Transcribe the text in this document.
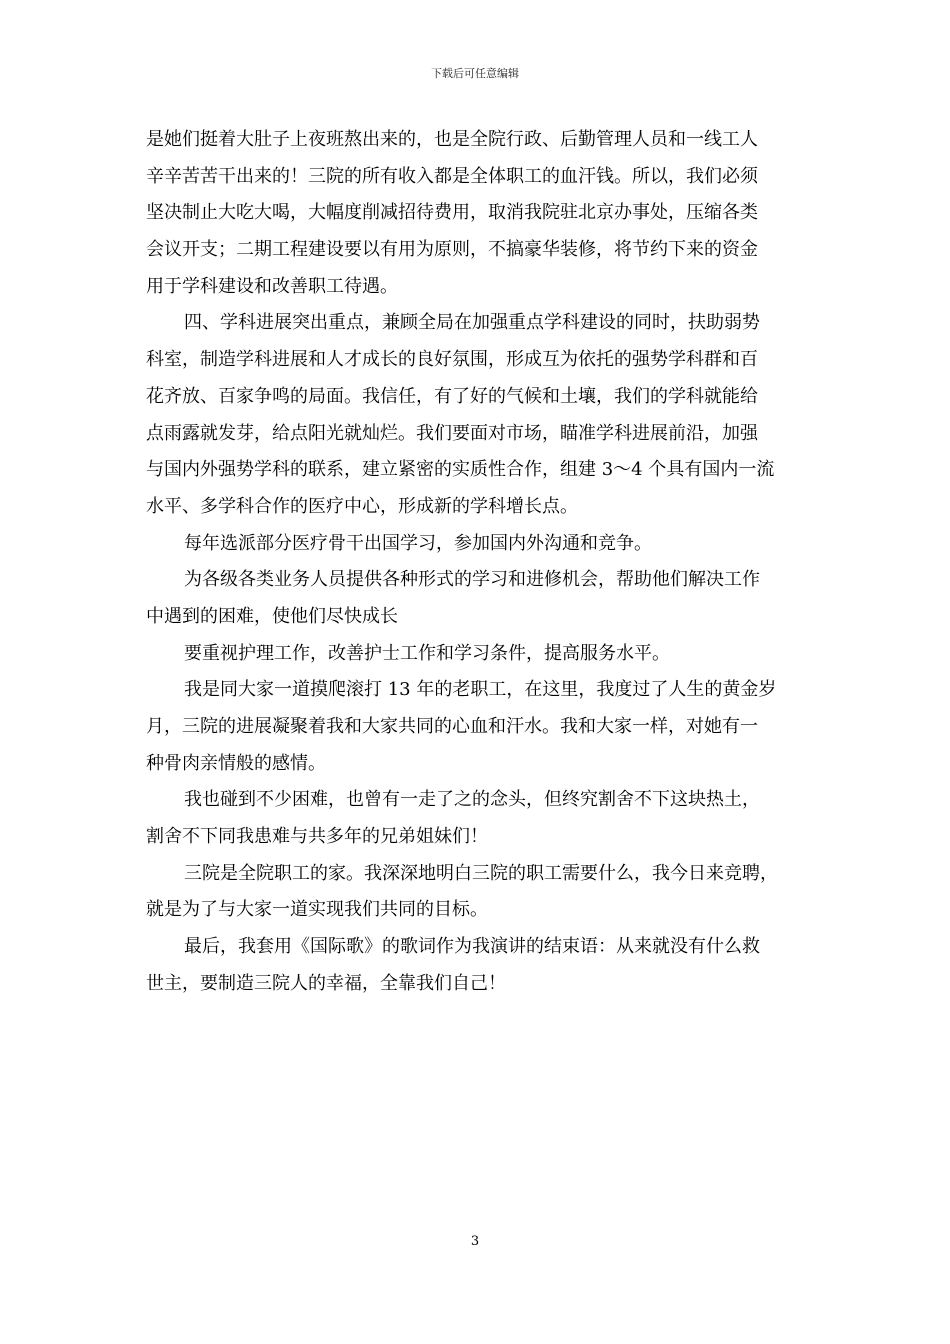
下载后可任意编辑
是她们挺着大肚子上夜班熬出来的，也是全院行政、后勤管理人员和一线工人
辛辛苦苦干出来的！三院的所有收入都是全体职工的血汗钱。所以，我们必须
坚决制止大吃大喝，大幅度削减招待费用，取消我院驻北京办事处，压缩各类
会议开支；二期工程建设要以有用为原则，不搞豪华装修，将节约下来的资金
用于学科建设和改善职工待遇。
四、学科进展突出重点，兼顾全局在加强重点学科建设的同时，扶助弱势
科室，制造学科进展和人才成长的良好氛围，形成互为依托的强势学科群和百
花齐放、百家争鸣的局面。我信任，有了好的气候和土壤，我们的学科就能给
点雨露就发芽，给点阳光就灿烂。我们要面对市场，瞄准学科进展前沿，加强
与国内外强势学科的联系，建立紧密的实质性合作，组建 3～4 个具有国内一流
水平、多学科合作的医疗中心，形成新的学科增长点。
每年选派部分医疗骨干出国学习，参加国内外沟通和竞争。
为各级各类业务人员提供各种形式的学习和进修机会，帮助他们解决工作
中遇到的困难，使他们尽快成长
要重视护理工作，改善护士工作和学习条件，提高服务水平。
我是同大家一道摸爬滚打 13 年的老职工，在这里，我度过了人生的黄金岁
月，三院的进展凝聚着我和大家共同的心血和汗水。我和大家一样，对她有一
种骨肉亲情般的感情。
我也碰到不少困难，也曾有一走了之的念头，但终究割舍不下这块热土，
割舍不下同我患难与共多年的兄弟姐妹们！
三院是全院职工的家。我深深地明白三院的职工需要什么，我今日来竞聘，
就是为了与大家一道实现我们共同的目标。
最后，我套用《国际歌》的歌词作为我演讲的结束语：从来就没有什么救
世主，要制造三院人的幸福，全靠我们自己！
3
